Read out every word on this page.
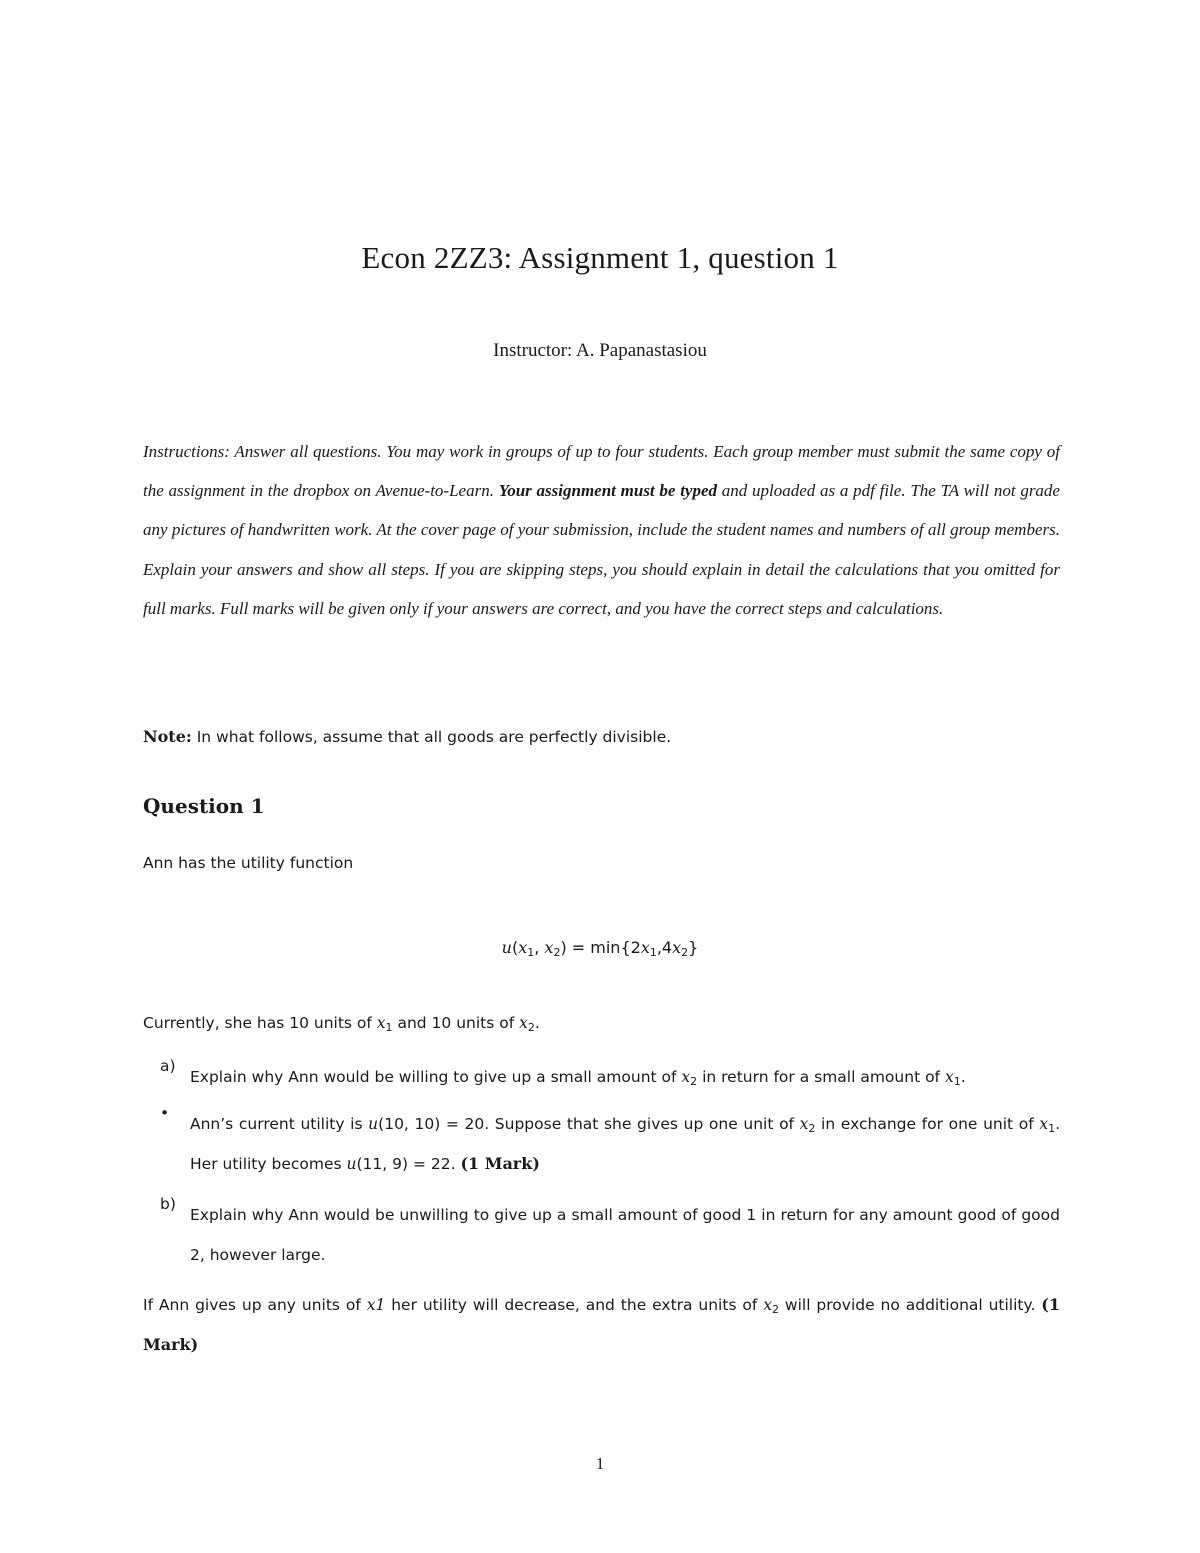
Econ 2ZZ3: Assignment 1, question 1
Instructor: A. Papanastasiou
Instructions: Answer all questions. You may work in groups of up to four students. Each group member must submit the same copy of the assignment in the dropbox on Avenue-to-Learn. Your assignment must be typed and uploaded as a pdf file. The TA will not grade any pictures of handwritten work. At the cover page of your submission, include the student names and numbers of all group members. Explain your answers and show all steps. If you are skipping steps, you should explain in detail the calculations that you omitted for full marks. Full marks will be given only if your answers are correct, and you have the correct steps and calculations.
Note: In what follows, assume that all goods are perfectly divisible.
Question 1
Ann has the utility function
$u(x_1$, $x_2) = \min\{2x_1,4x_2\}$
Currently, she has 10 units of $x_1$ and 10 units of $x_2$.
a)
Explain why Ann would be willing to give up a small amount of $x_2$ in return for a small amount of $x_1$.
•
Ann’s current utility is u(10, 10) = 20. Suppose that she gives up one unit of $x_2$ in exchange for one unit of $x_1$. Her utility becomes u(11, 9) = 22. (1 Mark)
b)
Explain why Ann would be unwilling to give up a small amount of good 1 in return for any amount good of good 2, however large.
If Ann gives up any units of x1 her utility will decrease, and the extra units of $x_2$ will provide no additional utility. (1 Mark)
1
